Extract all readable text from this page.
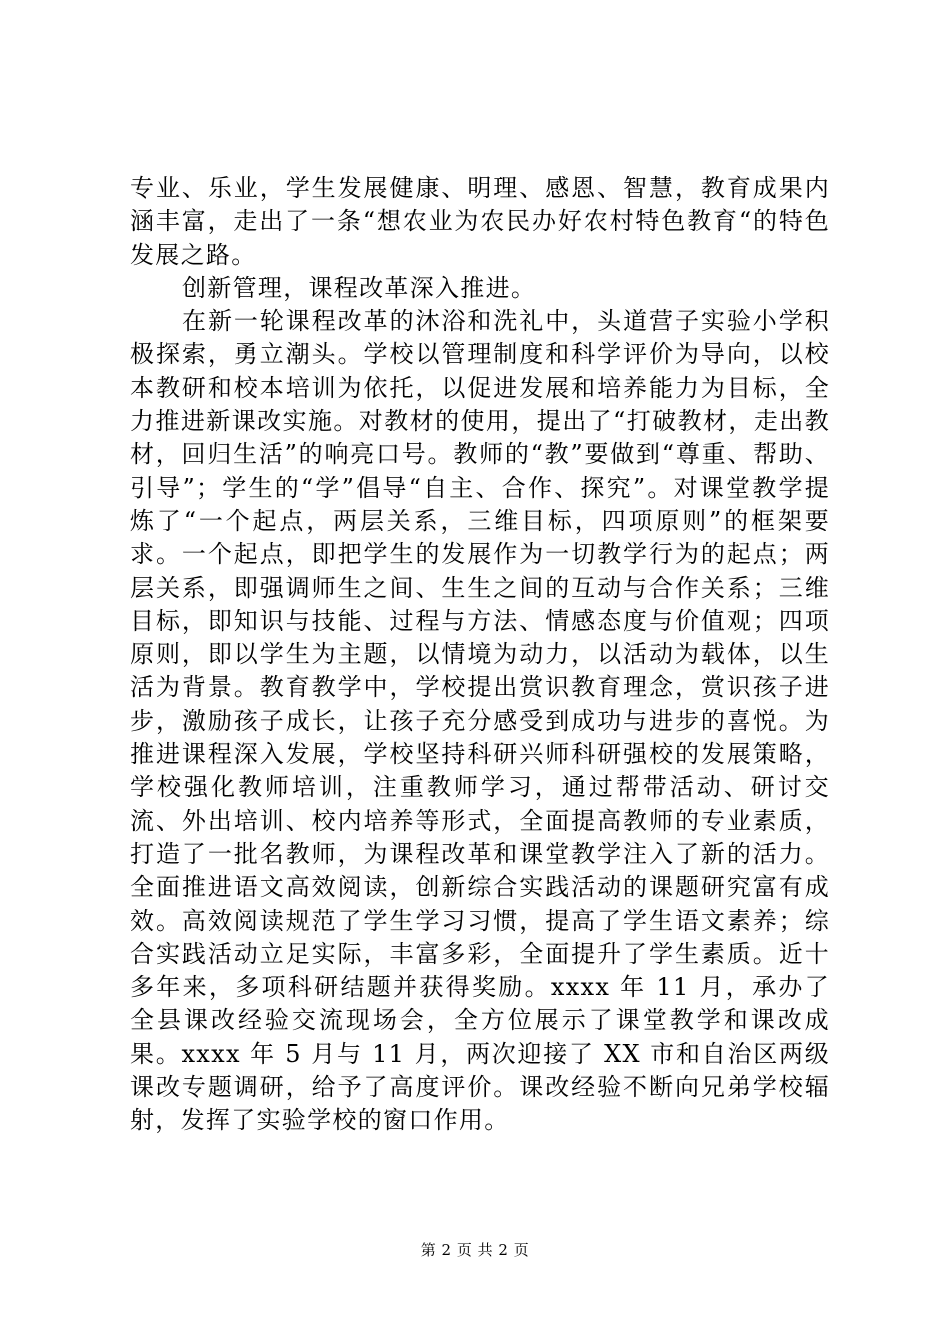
专业、乐业，学生发展健康、明理、感恩、智慧，教育成果内涵丰富，走出了一条“想农业为农民办好农村特色教育“的特色发展之路。

创新管理，课程改革深入推进。

在新一轮课程改革的沐浴和洗礼中，头道营子实验小学积极探索，勇立潮头。学校以管理制度和科学评价为导向，以校本教研和校本培训为依托，以促进发展和培养能力为目标，全力推进新课改实施。对教材的使用，提出了“打破教材，走出教材，回归生活”的响亮口号。教师的“教”要做到“尊重、帮助、引导”；学生的“学”倡导“自主、合作、探究”。对课堂教学提炼了“一个起点，两层关系，三维目标，四项原则”的框架要求。一个起点，即把学生的发展作为一切教学行为的起点；两层关系，即强调师生之间、生生之间的互动与合作关系；三维目标，即知识与技能、过程与方法、情感态度与价值观；四项原则，即以学生为主题，以情境为动力，以活动为载体，以生活为背景。教育教学中，学校提出赏识教育理念，赏识孩子进步，激励孩子成长，让孩子充分感受到成功与进步的喜悦。为推进课程深入发展，学校坚持科研兴师科研强校的发展策略，学校强化教师培训，注重教师学习，通过帮带活动、研讨交流、外出培训、校内培养等形式，全面提高教师的专业素质，打造了一批名教师，为课程改革和课堂教学注入了新的活力。全面推进语文高效阅读，创新综合实践活动的课题研究富有成效。高效阅读规范了学生学习习惯，提高了学生语文素养；综合实践活动立足实际，丰富多彩，全面提升了学生素质。近十多年来，多项科研结题并获得奖励。xxxx 年 11 月，承办了全县课改经验交流现场会，全方位展示了课堂教学和课改成果。xxxx 年 5 月与 11 月，两次迎接了 XX 市和自治区两级课改专题调研，给予了高度评价。课改经验不断向兄弟学校辐射，发挥了实验学校的窗口作用。

第 2 页 共 2 页
